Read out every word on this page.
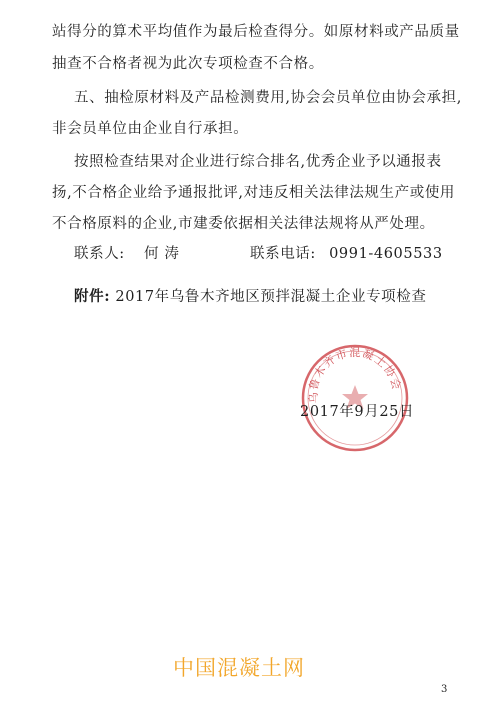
站得分的算术平均值作为最后检查得分。如原材料或产品质量
抽查不合格者视为此次专项检查不合格。
五、抽检原材料及产品检测费用,协会会员单位由协会承担,
非会员单位由企业自行承担。
按照检查结果对企业进行综合排名,优秀企业予以通报表
扬,不合格企业给予通报批评,对违反相关法律法规生产或使用
不合格原料的企业,市建委依据相关法律法规将从严处理。
联系人: 何 涛	联系电话: 0991-4605533
附件: 2017年乌鲁木齐地区预拌混凝土企业专项检查
乌鲁木齐市混凝土协会
2017年9月25日
中国混凝土网
3
